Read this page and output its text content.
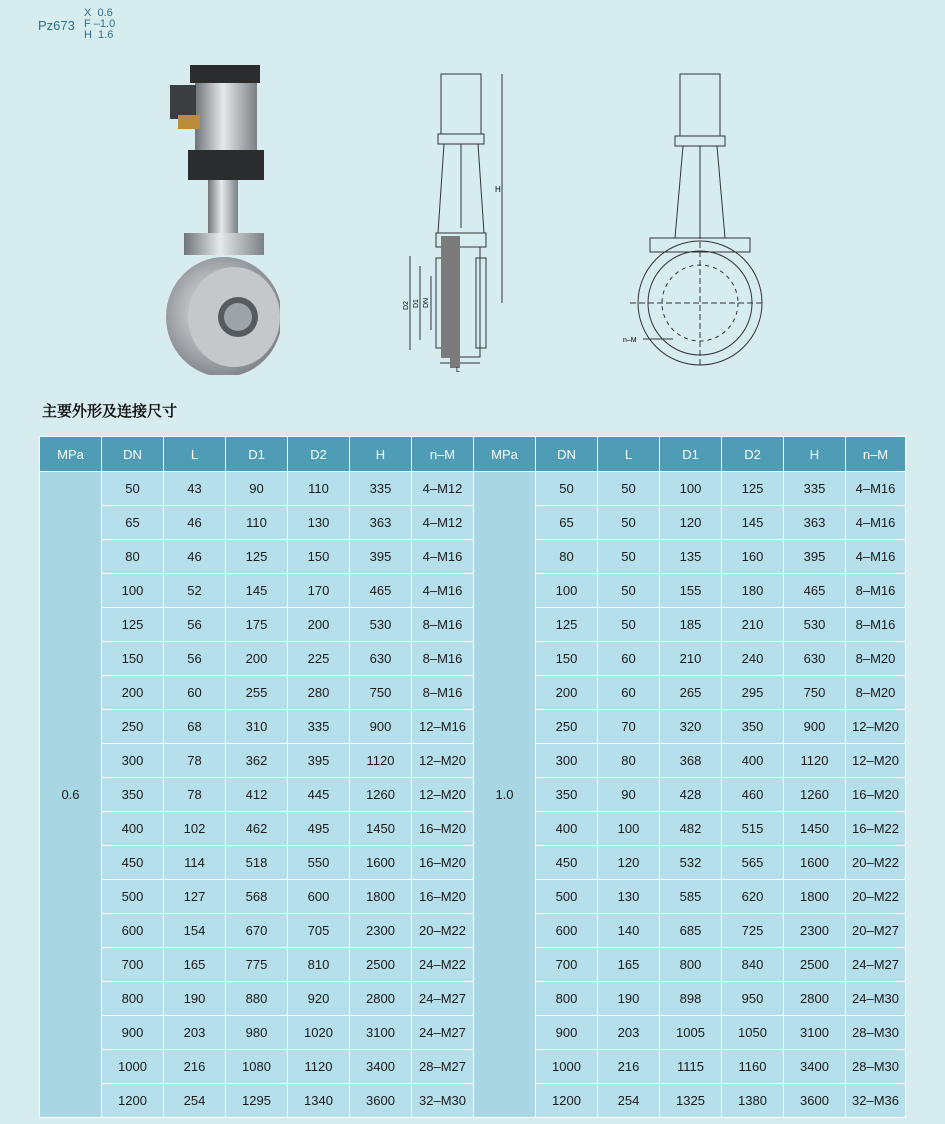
Pz673
X  0.6
F –1.0
H  1.6
H
D2 D1 DN
L
n–M
主要外形及连接尺寸
MPa	DN	L	D1	D2	H	n–M	MPa	DN	L	D1	D2	H	n–M
0.6	50	43	90	110	335	4–M12	1.0	50	50	100	125	335	4–M16
	65	46	110	130	363	4–M12		65	50	120	145	363	4–M16
	80	46	125	150	395	4–M16		80	50	135	160	395	4–M16
	100	52	145	170	465	4–M16		100	50	155	180	465	8–M16
	125	56	175	200	530	8–M16		125	50	185	210	530	8–M16
	150	56	200	225	630	8–M16		150	60	210	240	630	8–M20
	200	60	255	280	750	8–M16		200	60	265	295	750	8–M20
	250	68	310	335	900	12–M16		250	70	320	350	900	12–M20
	300	78	362	395	1120	12–M20		300	80	368	400	1120	12–M20
	350	78	412	445	1260	12–M20		350	90	428	460	1260	16–M20
	400	102	462	495	1450	16–M20		400	100	482	515	1450	16–M22
	450	114	518	550	1600	16–M20		450	120	532	565	1600	20–M22
	500	127	568	600	1800	16–M20		500	130	585	620	1800	20–M22
	600	154	670	705	2300	20–M22		600	140	685	725	2300	20–M27
	700	165	775	810	2500	24–M22		700	165	800	840	2500	24–M27
	800	190	880	920	2800	24–M27		800	190	898	950	2800	24–M30
	900	203	980	1020	3100	24–M27		900	203	1005	1050	3100	28–M30
	1000	216	1080	1120	3400	28–M27		1000	216	1115	1160	3400	28–M30
	1200	254	1295	1340	3600	32–M30		1200	254	1325	1380	3600	32–M36
